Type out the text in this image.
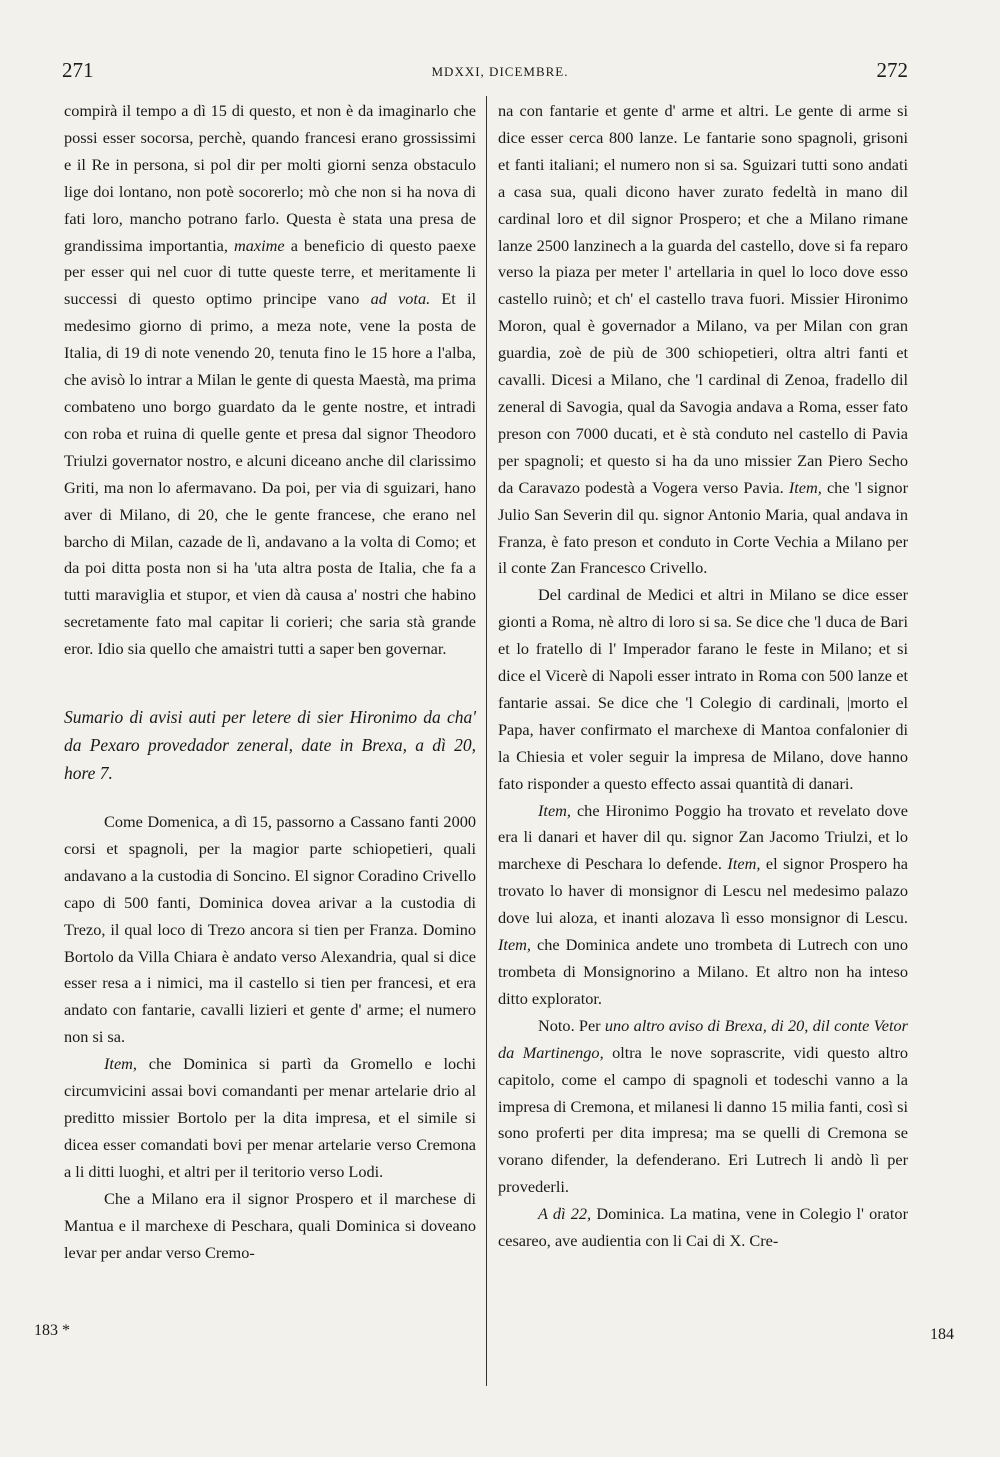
271	MDXXI, DICEMBRE.	272

compirà il tempo a dì 15 di questo, et non è da imaginarlo che possi esser socorsa, perchè, quando francesi erano grossissimi e il Re in persona, si pol dir per molti giorni senza obstaculo lige doi lontano, non potè socorerlo; mò che non si ha nova di fati loro, mancho potrano farlo. Questa è stata una presa de grandissima importantia, maxime a beneficio di questo paexe per esser qui nel cuor di tutte queste terre, et meritamente li successi di questo optimo principe vano ad vota. Et il medesimo giorno di primo, a meza note, vene la posta de Italia, di 19 di note venendo 20, tenuta fino le 15 hore a l'alba, che avisò lo intrar a Milan le gente di questa Maestà, ma prima combateno uno borgo guardato da le gente nostre, et intradi con roba et ruina di quelle gente et presa dal signor Theodoro Triulzi governator nostro, e alcuni diceano anche dil clarissimo Griti, ma non lo afermavano. Da poi, per via di sguizari, hano aver di Milano, di 20, che le gente francese, che erano nel barcho di Milan, cazade de lì, andavano a la volta di Como; et da poi ditta posta non si ha 'uta altra posta de Italia, che fa a tutti maraviglia et stupor, et vien dà causa a' nostri che habino secretamente fato mal capitar li corieri; che saria stà grande eror. Idio sia quello che amaistri tutti a saper ben governar.

Sumario di avisi auti per letere di sier Hironimo da cha' da Pexaro provedador zeneral, date in Brexa, a dì 20, hore 7.

Come Domenica, a dì 15, passorno a Cassano fanti 2000 corsi et spagnoli, per la magior parte schiopetieri, quali andavano a la custodia di Soncino. El signor Coradino Crivello capo di 500 fanti, Dominica dovea arivar a la custodia di Trezo, il qual loco di Trezo ancora si tien per Franza. Domino Bortolo da Villa Chiara è andato verso Alexandria, qual si dice esser resa a i nimici, ma il castello si tien per francesi, et era andato con fantarie, cavalli lizieri et gente d' arme; el numero non si sa.

Item, che Dominica si partì da Gromello e lochi circumvicini assai bovi comandanti per menar artelarie drio al preditto missier Bortolo per la dita impresa, et el simile si dicea esser comandati bovi per menar artelarie verso Cremona a li ditti luoghi, et altri per il teritorio verso Lodi.

Che a Milano era il signor Prospero et il marchese di Mantua e il marchexe di Peschara, quali Dominica si doveano levar per andar verso Cremo-

na con fantarie et gente d' arme et altri. Le gente di arme si dice esser cerca 800 lanze. Le fantarie sono spagnoli, grisoni et fanti italiani; el numero non si sa. Sguizari tutti sono andati a casa sua, quali dicono haver zurato fedeltà in mano dil cardinal loro et dil signor Prospero; et che a Milano rimane lanze 2500 lanzinech a la guarda del castello, dove si fa reparo verso la piaza per meter l' artellaria in quel lo loco dove esso castello ruinò; et ch' el castello trava fuori. Missier Hironimo Moron, qual è governador a Milano, va per Milan con gran guardia, zoè de più de 300 schiopetieri, oltra altri fanti et cavalli. Dicesi a Milano, che 'l cardinal di Zenoa, fradello dil zeneral di Savogia, qual da Savogia andava a Roma, esser fato preson con 7000 ducati, et è stà conduto nel castello di Pavia per spagnoli; et questo si ha da uno missier Zan Piero Secho da Caravazo podestà a Vogera verso Pavia. Item, che 'l signor Julio San Severin dil qu. signor Antonio Maria, qual andava in Franza, è fato preson et conduto in Corte Vechia a Milano per il conte Zan Francesco Crivello.

Del cardinal de Medici et altri in Milano se dice esser gionti a Roma, nè altro di loro si sa. Se dice che 'l duca de Bari et lo fratello di l' Imperador farano le feste in Milano; et si dice el Vicerè di Napoli esser intrato in Roma con 500 lanze et fantarie assai. Se dice che 'l Colegio di cardinali, |morto el Papa, haver confirmato el marchexe di Mantoa confalonier di la Chiesia et voler seguir la impresa de Milano, dove hanno fato risponder a questo effecto assai quantità di danari.

Item, che Hironimo Poggio ha trovato et revelato dove era li danari et haver dil qu. signor Zan Jacomo Triulzi, et lo marchexe di Peschara lo defende. Item, el signor Prospero ha trovato lo haver di monsignor di Lescu nel medesimo palazo dove lui aloza, et inanti alozava lì esso monsignor di Lescu. Item, che Dominica andete uno trombeta di Lutrech con uno trombeta di Monsignorino a Milano. Et altro non ha inteso ditto explorator.

Noto. Per uno altro aviso di Brexa, di 20, dil conte Vetor da Martinengo, oltra le nove soprascrite, vidi questo altro capitolo, come el campo di spagnoli et todeschi vanno a la impresa di Cremona, et milanesi li danno 15 milia fanti, così si sono proferti per dita impresa; ma se quelli di Cremona se vorano difender, la defenderano. Eri Lutrech li andò lì per provederli.

A dì 22, Dominica. La matina, vene in Colegio l' orator cesareo, ave audientia con li Cai di X. Cre-

183 *	184
